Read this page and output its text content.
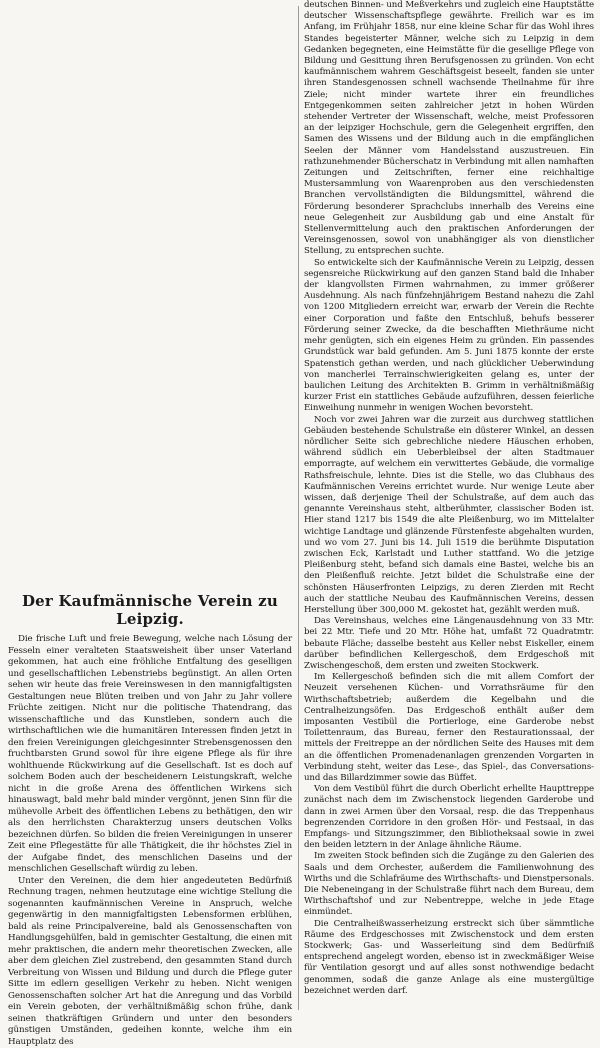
Der Kaufmännische Verein zu Leipzig.

Die frische Luft und freie Bewegung, welche nach Lösung der Fesseln einer veralteten Staatsweisheit über unser Vaterland gekommen, hat auch eine fröhliche Entfaltung des geselligen und gesellschaftlichen Lebenstriebs begünstigt. An allen Orten sehen wir heute das freie Vereinswesen in den mannigfaltigsten Gestaltungen neue Blüten treiben und von Jahr zu Jahr vollere Früchte zeitigen. Nicht nur die politische Thatendrang, das wissenschaftliche und das Kunstleben, sondern auch die wirthschaftlichen wie die humanitären Interessen finden jetzt in den freien Vereinigungen gleichgesinnter Strebensgenossen den fruchtbarsten Grund sowol für ihre eigene Pflege als für ihre wohlthuende Rückwirkung auf die Gesellschaft. Ist es doch auf solchem Boden auch der bescheidenern Leistungskraft, welche nicht in die große Arena des öffentlichen Wirkens sich hinauswagt, bald mehr bald minder vergönnt, jenen Sinn für die mühevolle Arbeit des öffentlichen Lebens zu bethätigen, den wir als den herrlichsten Charakterzug unsers deutschen Volks bezeichnen dürfen. So bilden die freien Vereinigungen in unserer Zeit eine Pflegestätte für alle Thätigkeit, die ihr höchstes Ziel in der Aufgabe findet, des menschlichen Daseins und der menschlichen Gesellschaft würdig zu leben.

Unter den Vereinen, die dem hier angedeuteten Bedürfniß Rechnung tragen, nehmen heutzutage eine wichtige Stellung die sogenannten kaufmännischen Vereine in Anspruch, welche gegenwärtig in den mannigfaltigsten Lebensformen erblühen, bald als reine Principalvereine, bald als Genossenschaften von Handlungsgehülfen, bald in gemischter Gestaltung, die einen mit mehr praktischen, die andern mehr theoretischen Zwecken, alle aber dem gleichen Ziel zustrebend, den gesammten Stand durch Verbreitung von Wissen und Bildung und durch die Pflege guter Sitte im edlern geselligen Verkehr zu heben. Nicht wenigen Genossenschaften solcher Art hat die Anregung und das Vorbild ein Verein geboten, der verhältnißmäßig schon frühe, dank seinen thatkräftigen Gründern und unter den besonders günstigen Umständen, gedeihen konnte, welche ihm ein Hauptplatz des

deutschen Binnen- und Meßverkehrs und zugleich eine Hauptstätte deutscher Wissenschaftspflege gewährte. Freilich war es im Anfang, im Frühjahr 1858, nur eine kleine Schar für das Wohl ihres Standes begeisterter Männer, welche sich zu Leipzig in dem Gedanken begegneten, eine Heimstätte für die gesellige Pflege von Bildung und Gesittung ihren Berufsgenossen zu gründen. Von echt kaufmännischem wahrem Geschäftsgeist beseelt, fanden sie unter ihren Standesgenossen schnell wachsende Theilnahme für ihre Ziele; nicht minder wartete ihrer ein freundliches Entgegenkommen seiten zahlreicher jetzt in hohen Würden stehender Vertreter der Wissenschaft, welche, meist Professoren an der leipziger Hochschule, gern die Gelegenheit ergriffen, den Samen des Wissens und der Bildung auch in die empfänglichen Seelen der Männer vom Handelsstand auszustreuen. Ein rathzunehmender Bücherschatz in Verbindung mit allen namhaften Zeitungen und Zeitschriften, ferner eine reichhaltige Mustersammlung von Waarenproben aus den verschiedensten Branchen vervollständigten die Bildungsmittel, während die Förderung besonderer Sprachclubs innerhalb des Vereins eine neue Gelegenheit zur Ausbildung gab und eine Anstalt für Stellenvermittelung auch den praktischen Anforderungen der Vereinsgenossen, sowol von unabhängiger als von dienstlicher Stellung, zu entsprechen suchte.

So entwickelte sich der Kaufmännische Verein zu Leipzig, dessen segensreiche Rückwirkung auf den ganzen Stand bald die Inhaber der klangvollsten Firmen wahrnahmen, zu immer größerer Ausdehnung. Als nach fünfzehnjährigem Bestand nahezu die Zahl von 1200 Mitgliedern erreicht war, erwarb der Verein die Rechte einer Corporation und faßte den Entschluß, behufs besserer Förderung seiner Zwecke, da die beschafften Miethräume nicht mehr genügten, sich ein eigenes Heim zu gründen. Ein passendes Grundstück war bald gefunden. Am 5. Juni 1875 konnte der erste Spatenstich gethan werden, und nach glücklicher Ueberwindung von mancherlei Terrainschwierigkeiten gelang es, unter der baulichen Leitung des Architekten B. Grimm in verhältnißmäßig kurzer Frist ein stattliches Gebäude aufzuführen, dessen feierliche Einweihung nunmehr in wenigen Wochen bevorsteht.

Noch vor zwei Jahren war die zurzeit aus durchweg stattlichen Gebäuden bestehende Schulstraße ein düsterer Winkel, an dessen nördlicher Seite sich gebrechliche niedere Häuschen erhoben, während südlich ein Ueberbleibsel der alten Stadtmauer emporragte, auf welchem ein verwittertes Gebäude, die vormalige Rathsfreischule, lehnte. Dies ist die Stelle, wo das Clubhaus des Kaufmännischen Vereins errichtet wurde. Nur wenige Leute aber wissen, daß derjenige Theil der Schulstraße, auf dem auch das genannte Vereinshaus steht, altberühmter, classischer Boden ist. Hier stand 1217 bis 1549 die alte Pleißenburg, wo im Mittelalter wichtige Landtage und glänzende Fürstenfeste abgehalten wurden, und wo vom 27. Juni bis 14. Juli 1519 die berühmte Disputation zwischen Eck, Karlstadt und Luther stattfand. Wo die jetzige Pleißenburg steht, befand sich damals eine Bastei, welche bis an den Pleißenfluß reichte. Jetzt bildet die Schulstraße eine der schönsten Häuserfronten Leipzigs, zu deren Zierden mit Recht auch der stattliche Neubau des Kaufmännischen Vereins, dessen Herstellung über 300,000 M. gekostet hat, gezählt werden muß.

Das Vereinshaus, welches eine Längenausdehnung von 33 Mtr. bei 22 Mtr. Tiefe und 20 Mtr. Höhe hat, umfaßt 72 Quadratmtr. bebaute Fläche; dasselbe besteht aus Keller nebst Eiskeller, einem darüber befindlichen Kellergeschoß, dem Erdgeschoß mit Zwischengeschoß, dem ersten und zweiten Stockwerk.

Im Kellergeschoß befinden sich die mit allem Comfort der Neuzeit versehenen Küchen- und Vorrathsräume für den Wirthschaftsbetrieb; außerdem die Kegelbahn und die Centralheizungsöfen. Das Erdgeschoß enthält außer dem imposanten Vestibül die Portierloge, eine Garderobe nebst Toilettenraum, das Bureau, ferner den Restaurationssaal, der mittels der Freitreppe an der nördlichen Seite des Hauses mit dem an die öffentlichen Promenadenanlagen grenzenden Vorgarten in Verbindung steht, weiter das Lese-, das Spiel-, das Conversations- und das Billardzimmer sowie das Büffet.

Von dem Vestibül führt die durch Oberlicht erhellte Haupttreppe zunächst nach dem im Zwischenstock liegenden Garderobe und dann in zwei Armen über den Vorsaal, resp. die das Treppenhaus begrenzenden Corridore in den großen Hör- und Festsaal, in das Empfangs- und Sitzungszimmer, den Bibliotheksaal sowie in zwei den beiden letztern in der Anlage ähnliche Räume.

Im zweiten Stock befinden sich die Zugänge zu den Galerien des Saals und dem Orchester, außerdem die Familienwohnung des Wirths und die Schlafräume des Wirthschafts- und Dienstpersonals. Die Nebeneingang in der Schulstraße führt nach dem Bureau, dem Wirthschaftshof und zur Nebentreppe, welche in jede Etage einmündet.

Die Centralheißwasserheizung erstreckt sich über sämmtliche Räume des Erdgeschosses mit Zwischenstock und dem ersten Stockwerk; Gas- und Wasserleitung sind dem Bedürfniß entsprechend angelegt worden, ebenso ist in zweckmäßiger Weise für Ventilation gesorgt und auf alles sonst nothwendige bedacht genommen, sodaß die ganze Anlage als eine mustergültige bezeichnet werden darf.
